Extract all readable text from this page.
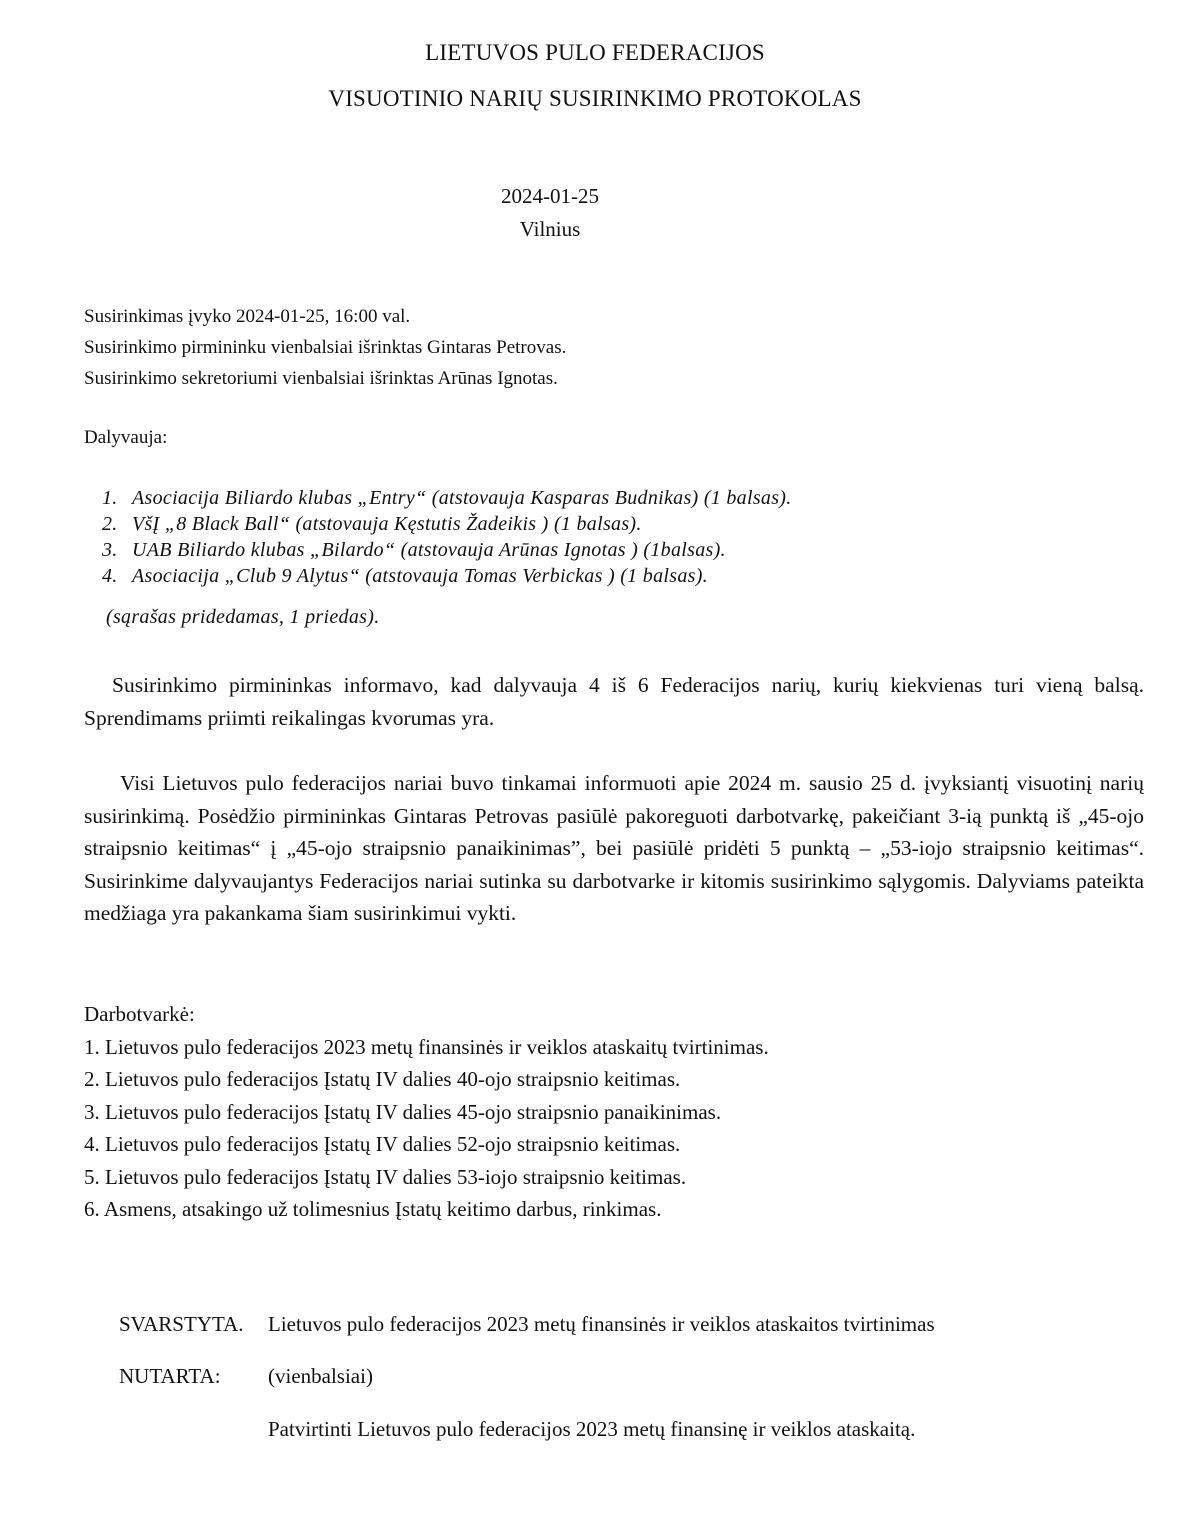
LIETUVOS PULO FEDERACIJOS
VISUOTINIO NARIŲ SUSIRINKIMO PROTOKOLAS
2024-01-25
Vilnius
Susirinkimas įvyko 2024-01-25, 16:00 val.
Susirinkimo pirmininku vienbalsiai išrinktas Gintaras Petrovas.
Susirinkimo sekretoriumi vienbalsiai išrinktas Arūnas Ignotas.
Dalyvauja:
1. Asociacija Biliardo klubas „Entry“ (atstovauja Kasparas Budnikas) (1 balsas).
2. VšĮ „8 Black Ball“ (atstovauja Kęstutis Žadeikis ) (1 balsas).
3. UAB Biliardo klubas „Bilardo“ (atstovauja Arūnas Ignotas ) (1balsas).
4. Asociacija „Club 9 Alytus“ (atstovauja Tomas Verbickas ) (1 balsas).
(sąrašas pridedamas, 1 priedas).
Susirinkimo pirmininkas informavo, kad dalyvauja 4 iš 6 Federacijos narių, kurių kiekvienas turi vieną balsą. Sprendimams priimti reikalingas kvorumas yra.
Visi Lietuvos pulo federacijos nariai buvo tinkamai informuoti apie 2024 m. sausio 25 d. įvyksiantį visuotinį narių susirinkimą. Posėdžio pirmininkas Gintaras Petrovas pasiūlė pakoreguoti darbotvarkę, pakeičiant 3-ią punktą iš „45-ojo straipsnio keitimas“ į „45-ojo straipsnio panaikinimas”, bei pasiūlė pridėti 5 punktą – „53-iojo straipsnio keitimas“. Susirinkime dalyvaujantys Federacijos nariai sutinka su darbotvarke ir kitomis susirinkimo sąlygomis. Dalyviams pateikta medžiaga yra pakankama šiam susirinkimui vykti.
Darbotvarkė:
1. Lietuvos pulo federacijos 2023 metų finansinės ir veiklos ataskaitų tvirtinimas.
2. Lietuvos pulo federacijos Įstatų IV dalies 40-ojo straipsnio keitimas.
3. Lietuvos pulo federacijos Įstatų IV dalies 45-ojo straipsnio panaikinimas.
4. Lietuvos pulo federacijos Įstatų IV dalies 52-ojo straipsnio keitimas.
5. Lietuvos pulo federacijos Įstatų IV dalies 53-iojo straipsnio keitimas.
6. Asmens, atsakingo už tolimesnius Įstatų keitimo darbus, rinkimas.
SVARSTYTA. Lietuvos pulo federacijos 2023 metų finansinės ir veiklos ataskaitos tvirtinimas
NUTARTA: (vienbalsiai)
Patvirtinti Lietuvos pulo federacijos 2023 metų finansinę ir veiklos ataskaitą.
